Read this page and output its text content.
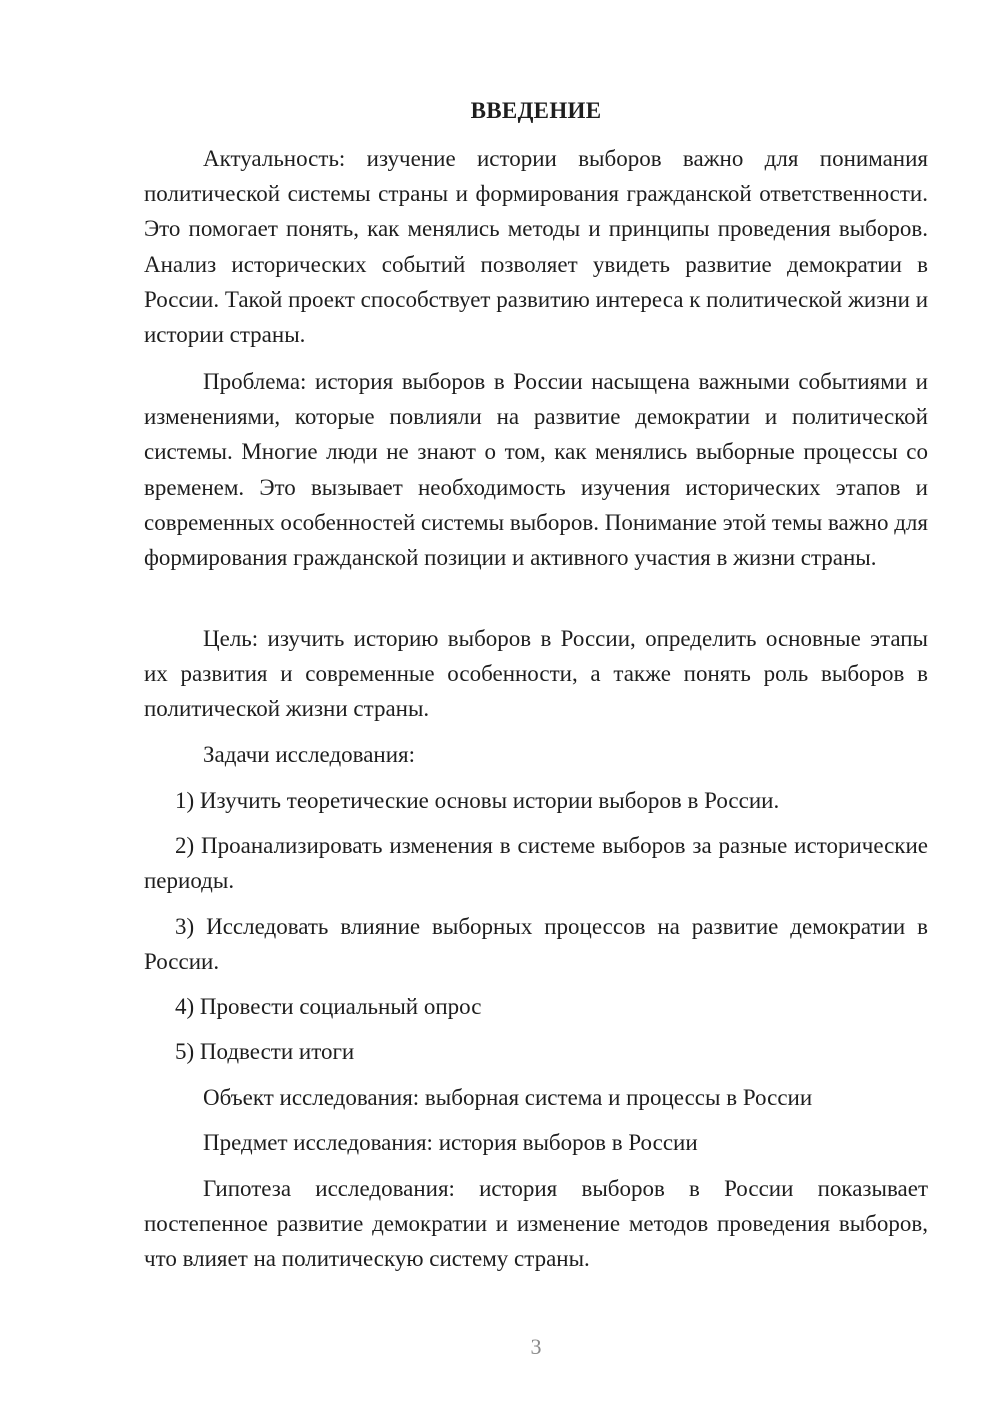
ВВЕДЕНИЕ

Актуальность: изучение истории выборов важно для понимания политической системы страны и формирования гражданской ответственности. Это помогает понять, как менялись методы и принципы проведения выборов. Анализ исторических событий позволяет увидеть развитие демократии в России. Такой проект способствует развитию интереса к политической жизни и истории страны.

Проблема: история выборов в России насыщена важными событиями и изменениями, которые повлияли на развитие демократии и политической системы. Многие люди не знают о том, как менялись выборные процессы со временем. Это вызывает необходимость изучения исторических этапов и современных особенностей системы выборов. Понимание этой темы важно для формирования гражданской позиции и активного участия в жизни страны.

Цель: изучить историю выборов в России, определить основные этапы их развития и современные особенности, а также понять роль выборов в политической жизни страны.

Задачи исследования:

1) Изучить теоретические основы истории выборов в России.

2) Проанализировать изменения в системе выборов за разные исторические периоды.

3) Исследовать влияние выборных процессов на развитие демократии в России.

4) Провести социальный опрос

5) Подвести итоги

Объект исследования: выборная система и процессы в России

Предмет исследования: история выборов в России

Гипотеза исследования: история выборов в России показывает постепенное развитие демократии и изменение методов проведения выборов, что влияет на политическую систему страны.

3
